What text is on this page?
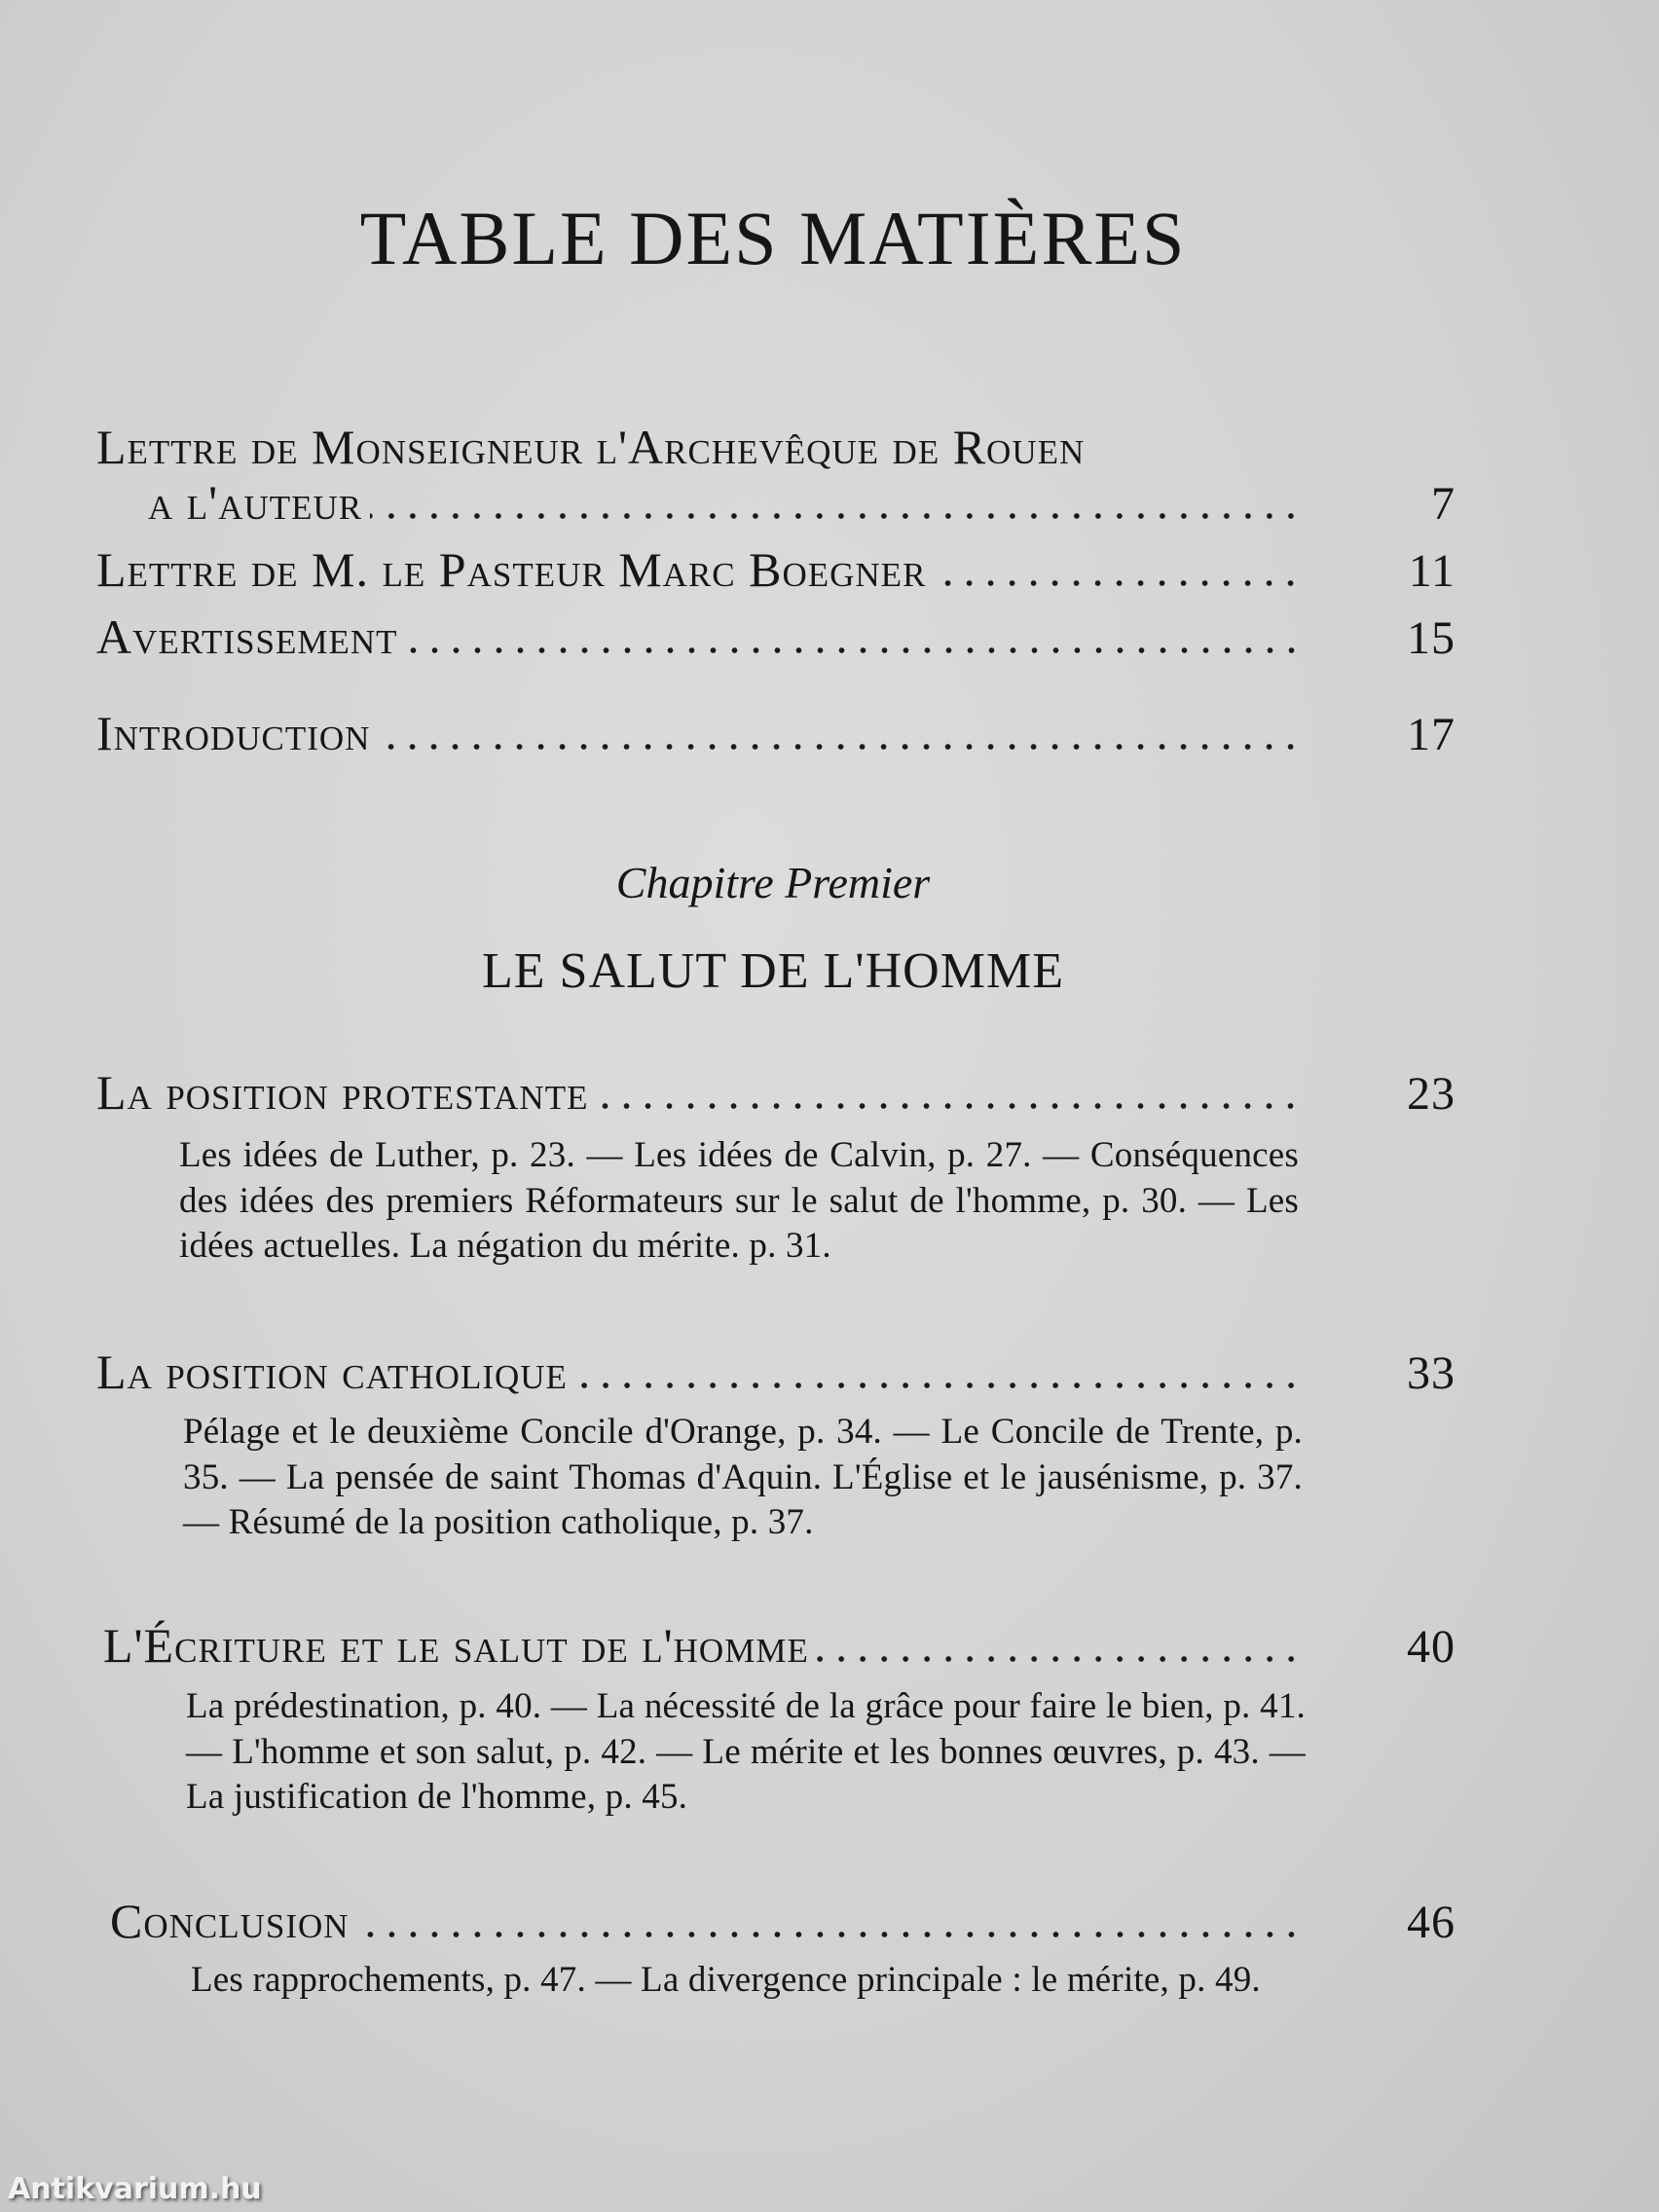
TABLE DES MATIÈRES
Lettre de Monseigneur l'Archevêque de Rouen
a l'auteur	7
Lettre de M. le Pasteur Marc Boegner	11
Avertissement	15
Introduction	17
Chapitre Premier
LE SALUT DE L'HOMME
La position protestante	23
Les idées de Luther, p. 23. — Les idées de Calvin, p. 27. — Conséquences des idées des premiers Réformateurs sur le salut de l'homme, p. 30. — Les idées actuelles. La négation du mérite. p. 31.
La position catholique	33
Pélage et le deuxième Concile d'Orange, p. 34. — Le Concile de Trente, p. 35. — La pensée de saint Thomas d'Aquin. L'Église et le jausénisme, p. 37. — Résumé de la position catholique, p. 37.
L'Écriture et le salut de l'homme	40
La prédestination, p. 40. — La nécessité de la grâce pour faire le bien, p. 41. — L'homme et son salut, p. 42. — Le mérite et les bonnes œuvres, p. 43. — La justification de l'homme, p. 45.
Conclusion	46
Les rapprochements, p. 47. — La divergence principale : le mérite, p. 49.
Antikvarium.hu
